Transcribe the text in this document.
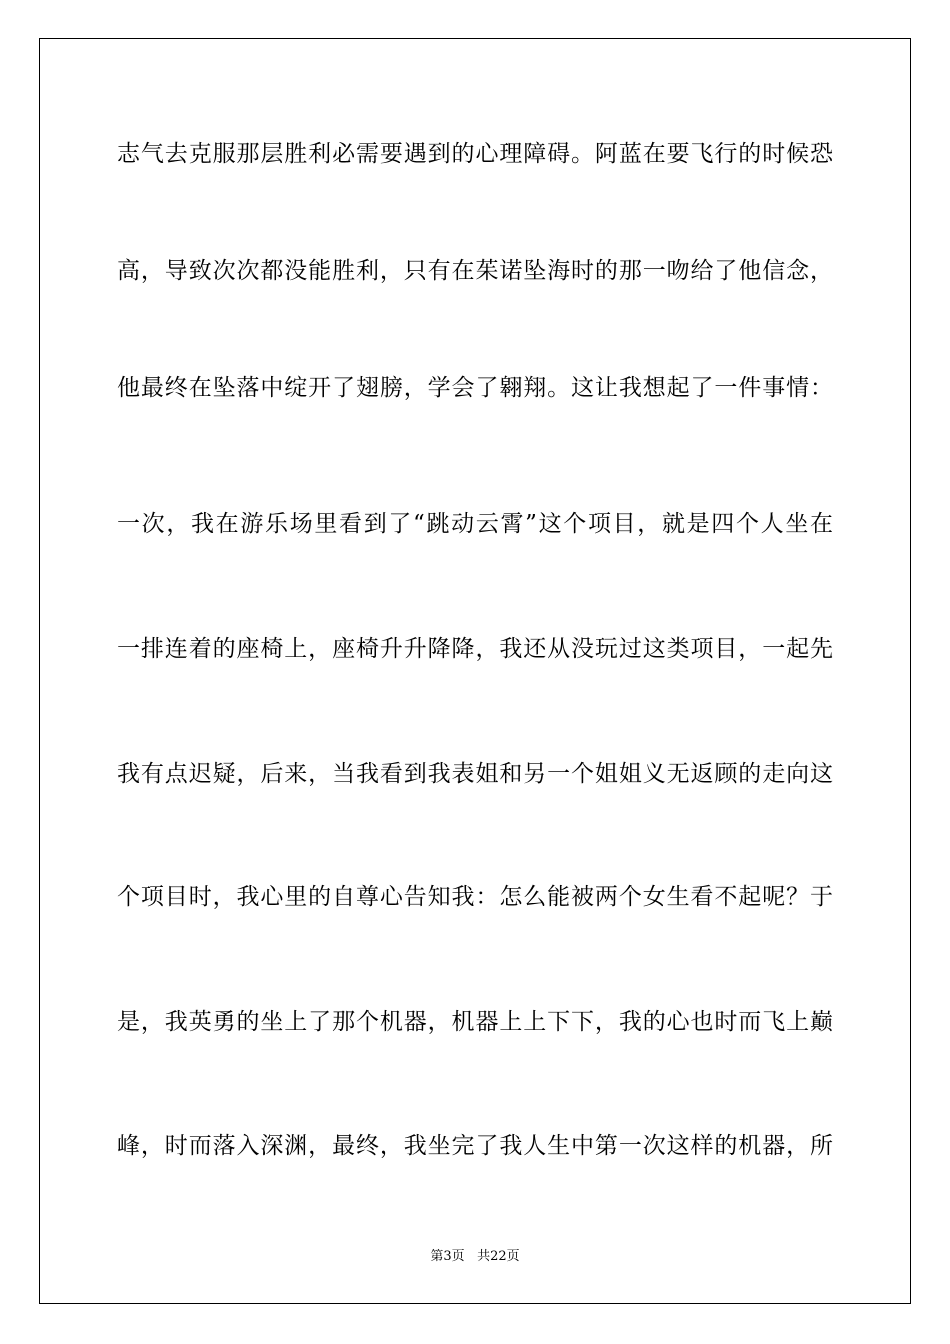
志气去克服那层胜利必需要遇到的心理障碍。阿蓝在要飞行的时候恐
高，导致次次都没能胜利，只有在茱诺坠海时的那一吻给了他信念，
他最终在坠落中绽开了翅膀，学会了翱翔。这让我想起了一件事情：
一次，我在游乐场里看到了“跳动云霄”这个项目，就是四个人坐在
一排连着的座椅上，座椅升升降降，我还从没玩过这类项目，一起先
我有点迟疑，后来，当我看到我表姐和另一个姐姐义无返顾的走向这
个项目时，我心里的自尊心告知我：怎么能被两个女生看不起呢？于
是，我英勇的坐上了那个机器，机器上上下下，我的心也时而飞上巅
峰，时而落入深渊，最终，我坐完了我人生中第一次这样的机器，所
第3页 共22页
